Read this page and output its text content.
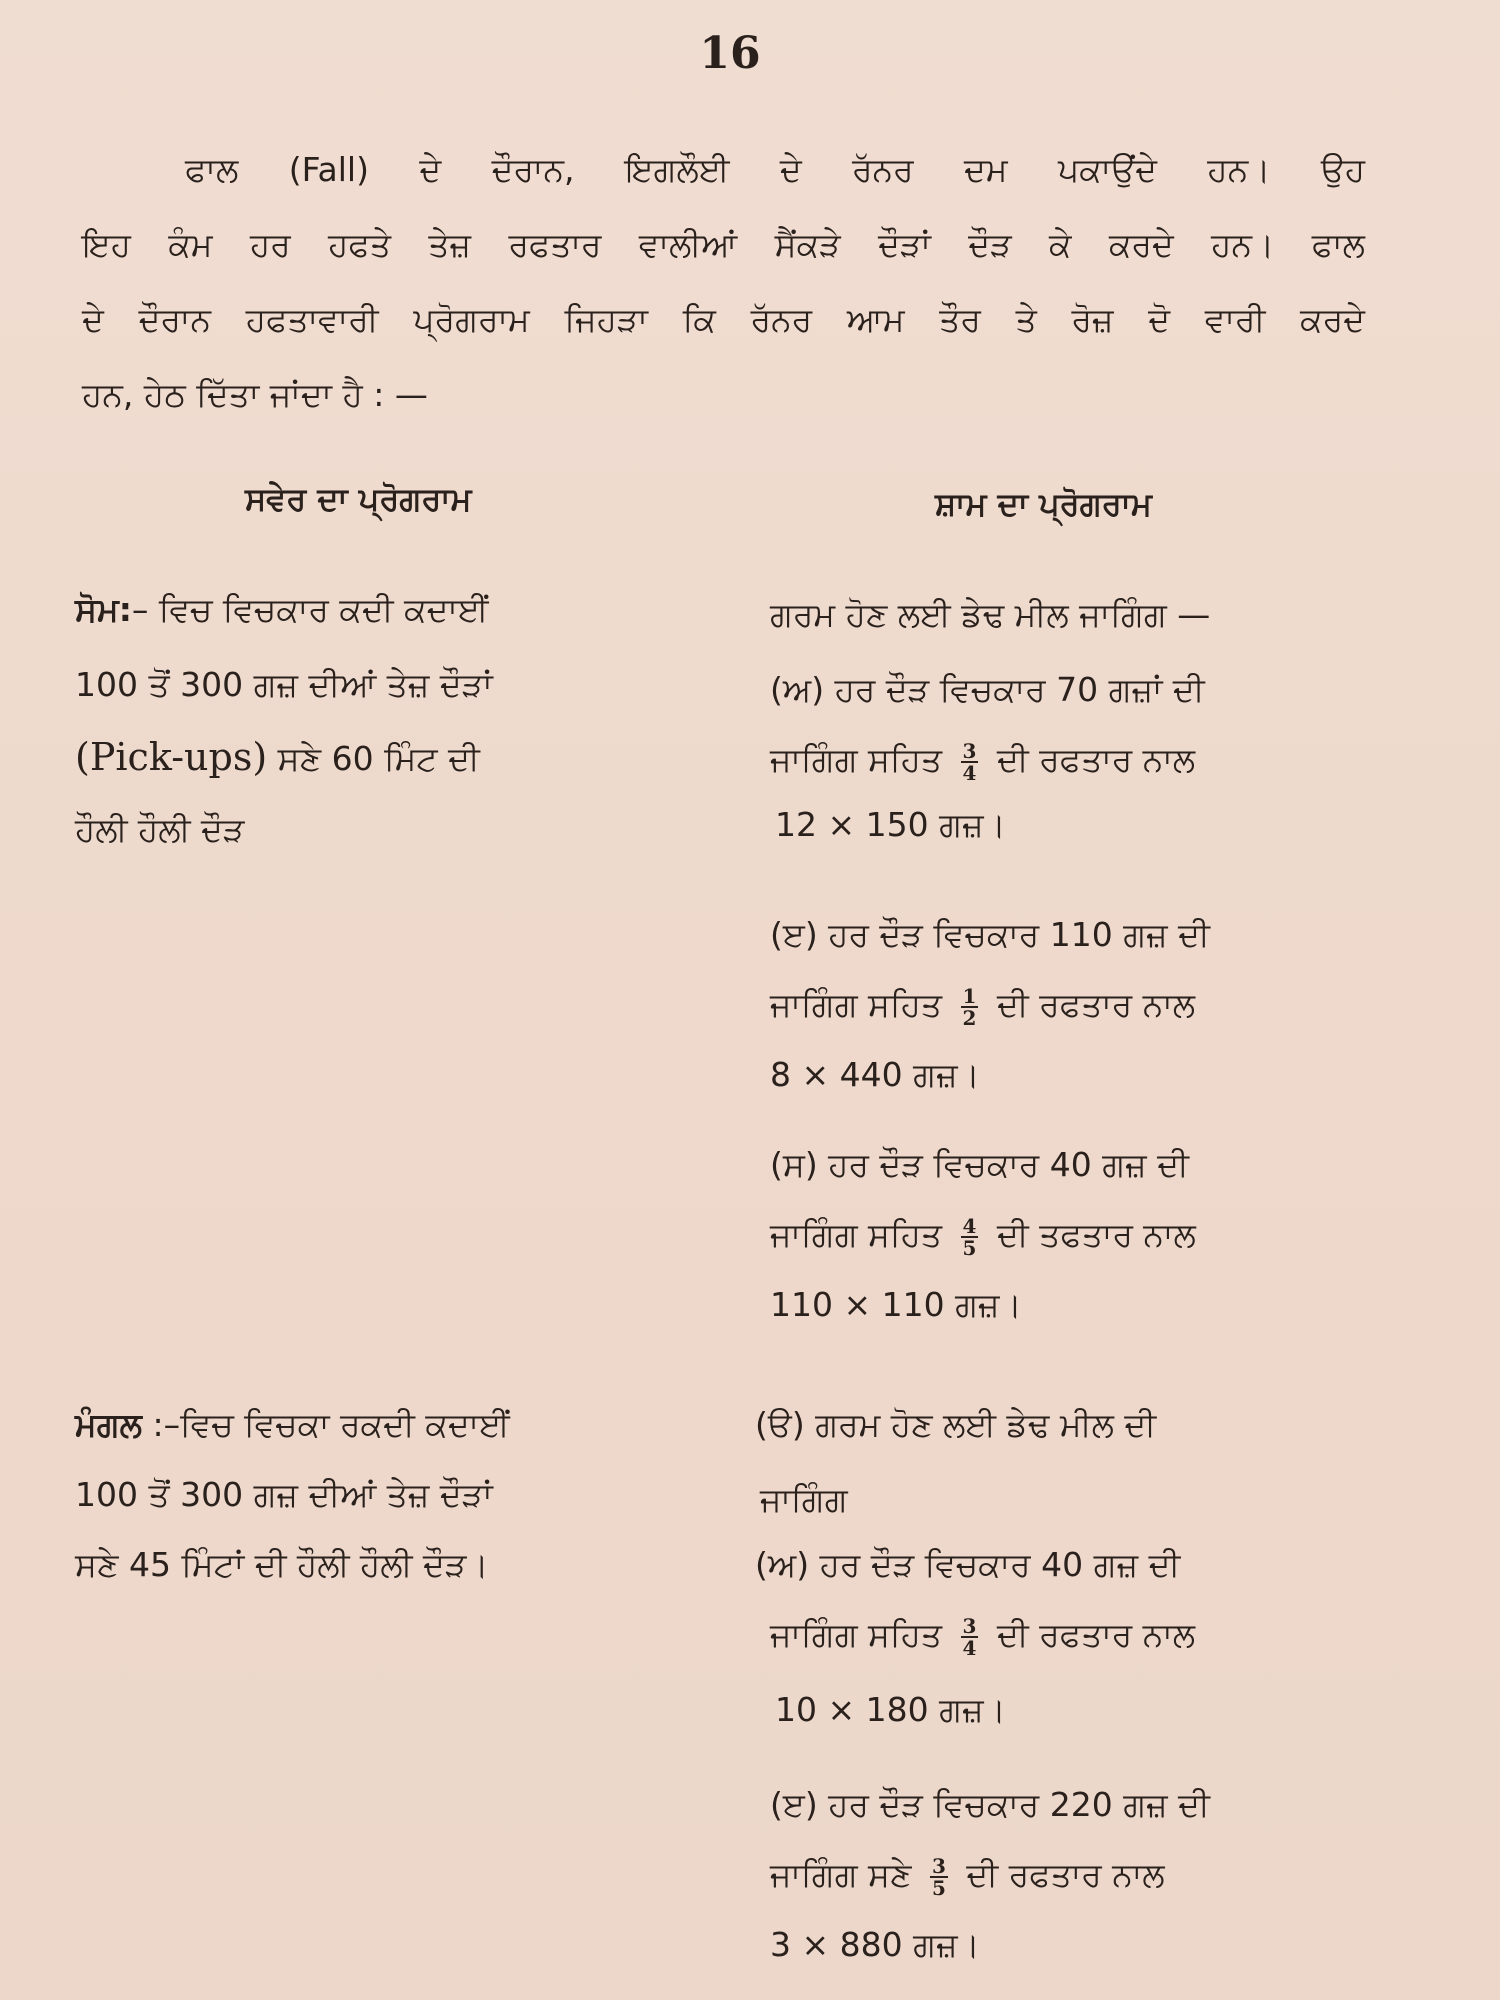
16
ਫਾਲ (Fall) ਦੇ ਦੌਰਾਨ, ਇਗਲੌਈ ਦੇ ਰੱਨਰ ਦਮ ਪਕਾਉਂਦੇ ਹਨ। ਉਹ
ਇਹ ਕੰਮ ਹਰ ਹਫਤੇ ਤੇਜ਼ ਰਫਤਾਰ ਵਾਲੀਆਂ ਸੈਂਕੜੇ ਦੌੜਾਂ ਦੌੜ ਕੇ ਕਰਦੇ ਹਨ। ਫਾਲ
ਦੇ ਦੌਰਾਨ ਹਫਤਾਵਾਰੀ ਪ੍ਰੋਗਰਾਮ ਜਿਹੜਾ ਕਿ ਰੱਨਰ ਆਮ ਤੌਰ ਤੇ ਰੋਜ਼ ਦੋ ਵਾਰੀ ਕਰਦੇ
ਹਨ, ਹੇਠ ਦਿੱਤਾ ਜਾਂਦਾ ਹੈ : —
ਸਵੇਰ ਦਾ ਪ੍ਰੋਗਰਾਮ	ਸ਼ਾਮ ਦਾ ਪ੍ਰੋਗਰਾਮ
ਸੋਮ:– ਵਿਚ ਵਿਚਕਾਰ ਕਦੀ ਕਦਾਈਂ
100 ਤੋਂ 300 ਗਜ਼ ਦੀਆਂ ਤੇਜ਼ ਦੌੜਾਂ
(Pick-ups) ਸਣੇ 60 ਮਿੰਟ ਦੀ
ਹੌਲੀ ਹੌਲੀ ਦੌੜ
ਗਰਮ ਹੋਣ ਲਈ ਡੇਢ ਮੀਲ ਜਾਗਿੰਗ —
(ਅ) ਹਰ ਦੌੜ ਵਿਚਕਾਰ 70 ਗਜ਼ਾਂ ਦੀ
ਜਾਗਿੰਗ ਸਹਿਤ $\frac{3}{4}$ ਦੀ ਰਫਤਾਰ ਨਾਲ
12 × 150 ਗਜ਼।
(ੲ) ਹਰ ਦੌੜ ਵਿਚਕਾਰ 110 ਗਜ਼ ਦੀ
ਜਾਗਿੰਗ ਸਹਿਤ $\frac{1}{2}$ ਦੀ ਰਫਤਾਰ ਨਾਲ
8 × 440 ਗਜ਼।
(ਸ) ਹਰ ਦੌੜ ਵਿਚਕਾਰ 40 ਗਜ਼ ਦੀ
ਜਾਗਿੰਗ ਸਹਿਤ $\frac{4}{5}$ ਦੀ ਤਫਤਾਰ ਨਾਲ
110 × 110 ਗਜ਼।
ਮੰਗਲ :–ਵਿਚ ਵਿਚਕਾ ਰਕਦੀ ਕਦਾਈਂ
100 ਤੋਂ 300 ਗਜ਼ ਦੀਆਂ ਤੇਜ਼ ਦੌੜਾਂ
ਸਣੇ 45 ਮਿੰਟਾਂ ਦੀ ਹੌਲੀ ਹੌਲੀ ਦੌੜ।
(ੳ) ਗਰਮ ਹੋਣ ਲਈ ਡੇਢ ਮੀਲ ਦੀ
ਜਾਗਿੰਗ
(ਅ) ਹਰ ਦੌੜ ਵਿਚਕਾਰ 40 ਗਜ਼ ਦੀ
ਜਾਗਿੰਗ ਸਹਿਤ $\frac{3}{4}$ ਦੀ ਰਫਤਾਰ ਨਾਲ
10 × 180 ਗਜ਼।
(ੲ) ਹਰ ਦੌੜ ਵਿਚਕਾਰ 220 ਗਜ਼ ਦੀ
ਜਾਗਿੰਗ ਸਣੇ $\frac{3}{5}$ ਦੀ ਰਫਤਾਰ ਨਾਲ
3 × 880 ਗਜ਼।
